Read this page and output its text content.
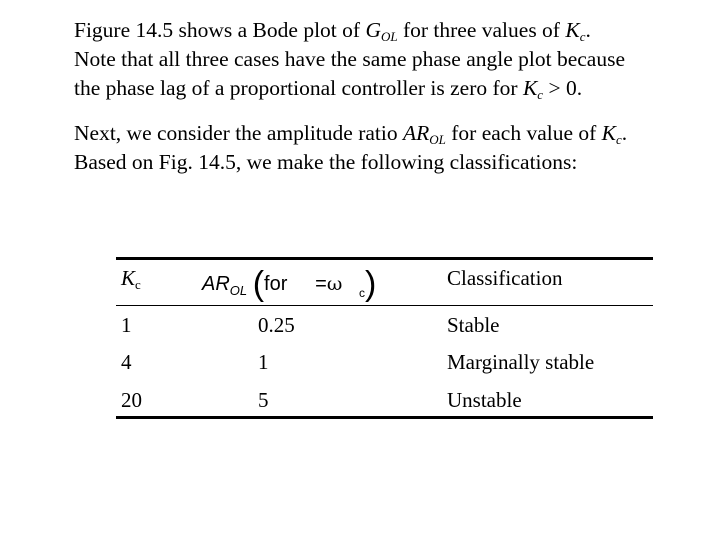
Figure 14.5 shows a Bode plot of $G_{OL}$ for three values of $K_c$.
Note that all three cases have the same phase angle plot because
the phase lag of a proportional controller is zero for $K_c > 0$.

Next, we consider the amplitude ratio $AR_{OL}$ for each value of $K_c$.
Based on Fig. 14.5, we make the following classifications:

$K_c$	$AR_{OL}$ (for =ω $_c$)	Classification
1	0.25	Stable
4	1	Marginally stable
20	5	Unstable
